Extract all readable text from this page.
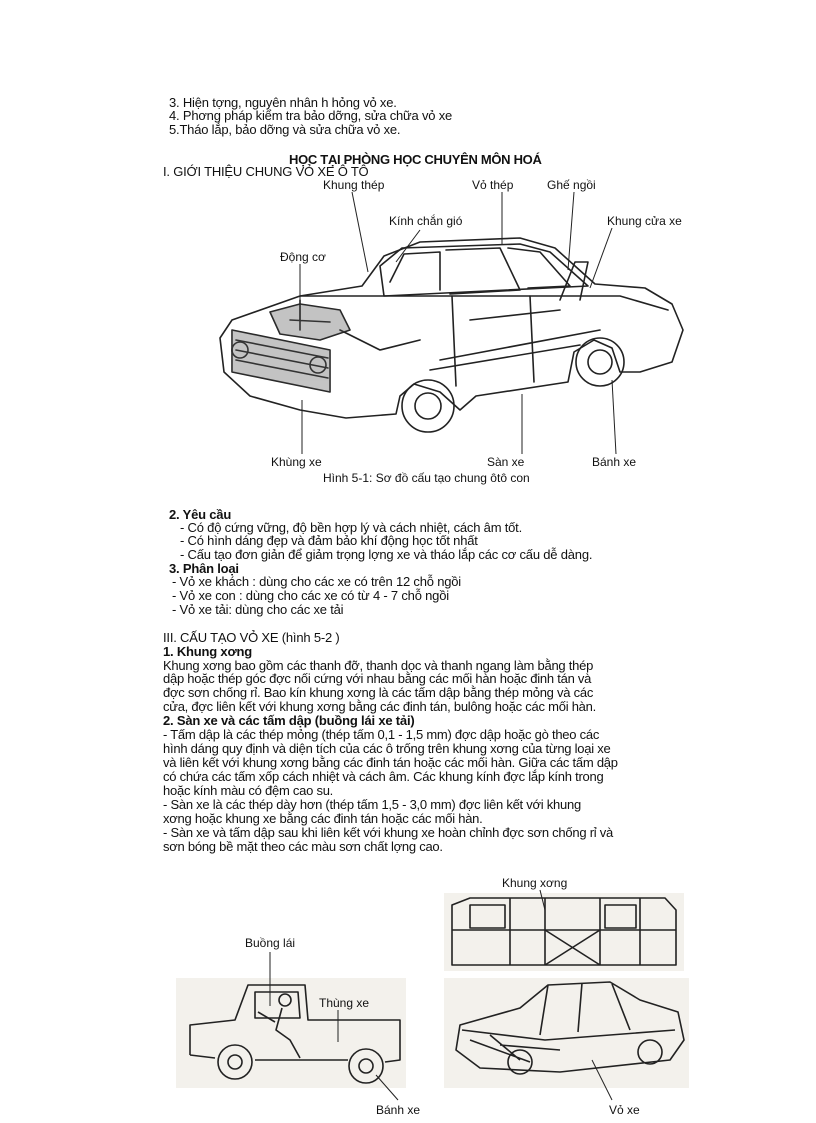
3. Hiện tợng, nguyên nhân h hỏng vỏ xe.
4. Phơng pháp kiểm tra bảo dỡng, sửa chữa vỏ xe
5.Tháo lắp, bảo dỡng và sửa chữa vỏ xe.
HỌC TẠI PHÒNG HỌC CHUYÊN MÔN HOÁ
I. GIỚI THIỆU CHUNG VỎ XE Ô TÔ
Khung thép	Vỏ thép	Ghế ngồi
Kính chắn gió	Khung cửa xe
Động cơ
Khùng xe	Sàn xe	Bánh xe
Hình 5-1: Sơ đồ cấu tạo chung ôtô con
2. Yêu cầu
- Có độ cứng vững, độ bền hợp lý và cách nhiệt, cách âm tốt.
- Có hình dáng đẹp và đảm bảo khí động học tốt nhất
- Cấu tạo đơn giản để giảm trọng lợng xe và tháo lắp các cơ cấu dễ dàng.
3. Phân loại
- Vỏ xe khách : dùng cho các xe có trên 12 chỗ ngồi
- Vỏ xe con : dùng cho các xe có từ 4 - 7 chỗ ngồi
- Vỏ xe tải: dùng cho các xe tải
III. CẤU TẠO VỎ XE (hình 5-2 )
1. Khung xơng
Khung xơng bao gồm các thanh đỡ, thanh dọc và thanh ngang làm bằng thép
dập hoặc thép góc đợc nối cứng với nhau bằng các mối hàn hoặc đinh tán và
đợc sơn chống rỉ. Bao kín khung xơng là các tấm dập bằng thép mỏng và các
cửa, đợc liên kết với khung xơng bằng các đinh tán, bulông hoặc các mối hàn.
2. Sàn xe và các tấm dập (buồng lái xe tải)
- Tấm dập là các thép mỏng (thép tấm 0,1 - 1,5 mm) đợc dập hoặc gò theo các
hình dáng quy định và diện tích của các ô trống trên khung xơng của từng loại xe
và liên kết với khung xơng bằng các đinh tán hoặc các mối hàn. Giữa các tấm dập
có chứa các tấm xốp cách nhiệt và cách âm. Các khung kính đợc lắp kính trong
hoặc kính màu có đệm cao su.
- Sàn xe là các thép dày hơn (thép tấm 1,5 - 3,0 mm) đợc liên kết với khung
xơng hoặc khung xe bằng các đinh tán hoặc các mối hàn.
- Sàn xe và tấm dập sau khi liên kết với khung xe hoàn chỉnh đợc sơn chống rỉ và
sơn bóng bề mặt theo các màu sơn chất lợng cao.
Khung xơng
Buồng lái
Thùng xe
Bánh xe	Vỏ xe
